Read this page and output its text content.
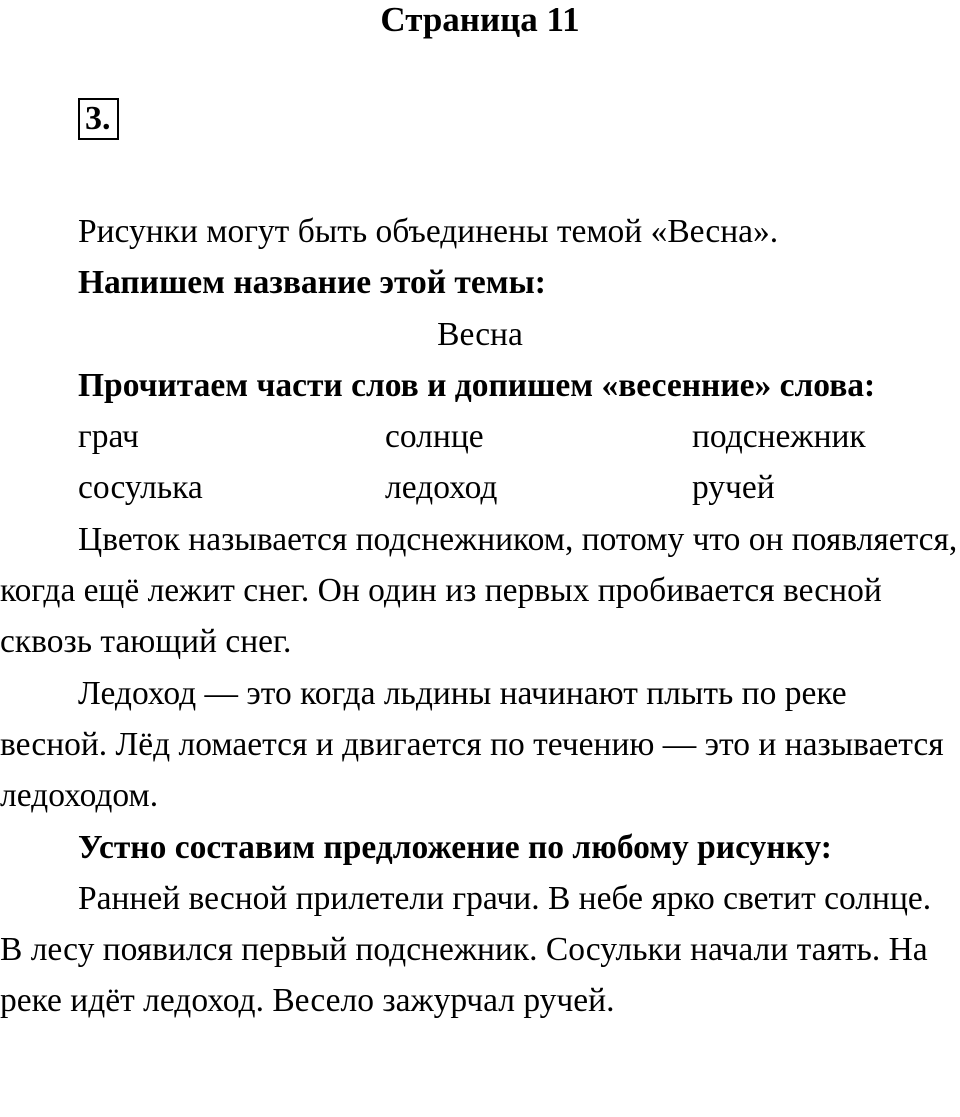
Страница 11
3.

Рисунки могут быть объединены темой «Весна».

Напишем название этой темы:

Весна

Прочитаем части слов и допишем «весенние» слова:

грач	солнце	подснежник
сосулька	ледоход	ручей

Цветок называется подснежником, потому что он появляется, когда ещё лежит снег. Он один из первых пробивается весной сквозь тающий снег.

Ледоход — это когда льдины начинают плыть по реке весной. Лёд ломается и двигается по течению — это и называется ледоходом.

Устно составим предложение по любому рисунку:

Ранней весной прилетели грачи. В небе ярко светит солнце. В лесу появился первый подснежник. Сосульки начали таять. На реке идёт ледоход. Весело зажурчал ручей.
